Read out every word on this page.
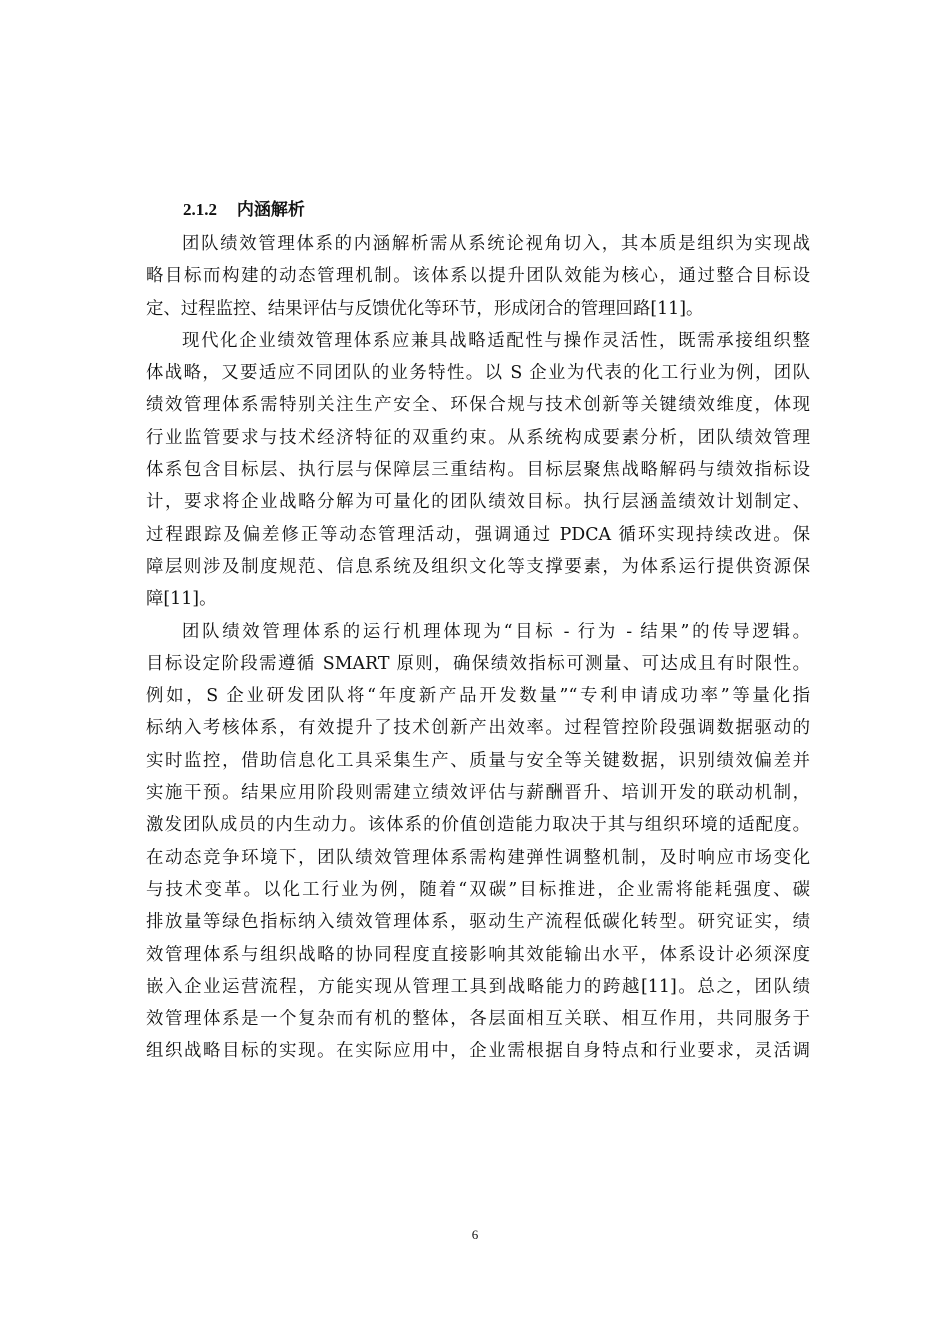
2.1.2 内涵解析
团队绩效管理体系的内涵解析需从系统论视角切入，其本质是组织为实现战
略目标而构建的动态管理机制。该体系以提升团队效能为核心，通过整合目标设
定、过程监控、结果评估与反馈优化等环节，形成闭合的管理回路[11]。
现代化企业绩效管理体系应兼具战略适配性与操作灵活性，既需承接组织整
体战略，又要适应不同团队的业务特性。以 S 企业为代表的化工行业为例，团队
绩效管理体系需特别关注生产安全、环保合规与技术创新等关键绩效维度，体现
行业监管要求与技术经济特征的双重约束。从系统构成要素分析，团队绩效管理
体系包含目标层、执行层与保障层三重结构。目标层聚焦战略解码与绩效指标设
计，要求将企业战略分解为可量化的团队绩效目标。执行层涵盖绩效计划制定、
过程跟踪及偏差修正等动态管理活动，强调通过 PDCA 循环实现持续改进。保
障层则涉及制度规范、信息系统及组织文化等支撑要素，为体系运行提供资源保
障[11]。
团队绩效管理体系的运行机理体现为“目标 - 行为 - 结果”的传导逻辑。
目标设定阶段需遵循 SMART 原则，确保绩效指标可测量、可达成且有时限性。
例如，S 企业研发团队将“年度新产品开发数量”“专利申请成功率”等量化指
标纳入考核体系，有效提升了技术创新产出效率。过程管控阶段强调数据驱动的
实时监控，借助信息化工具采集生产、质量与安全等关键数据，识别绩效偏差并
实施干预。结果应用阶段则需建立绩效评估与薪酬晋升、培训开发的联动机制，
激发团队成员的内生动力。该体系的价值创造能力取决于其与组织环境的适配度。
在动态竞争环境下，团队绩效管理体系需构建弹性调整机制，及时响应市场变化
与技术变革。以化工行业为例，随着“双碳”目标推进，企业需将能耗强度、碳
排放量等绿色指标纳入绩效管理体系，驱动生产流程低碳化转型。研究证实，绩
效管理体系与组织战略的协同程度直接影响其效能输出水平，体系设计必须深度
嵌入企业运营流程，方能实现从管理工具到战略能力的跨越[11]。总之，团队绩
效管理体系是一个复杂而有机的整体，各层面相互关联、相互作用，共同服务于
组织战略目标的实现。在实际应用中，企业需根据自身特点和行业要求，灵活调
6
